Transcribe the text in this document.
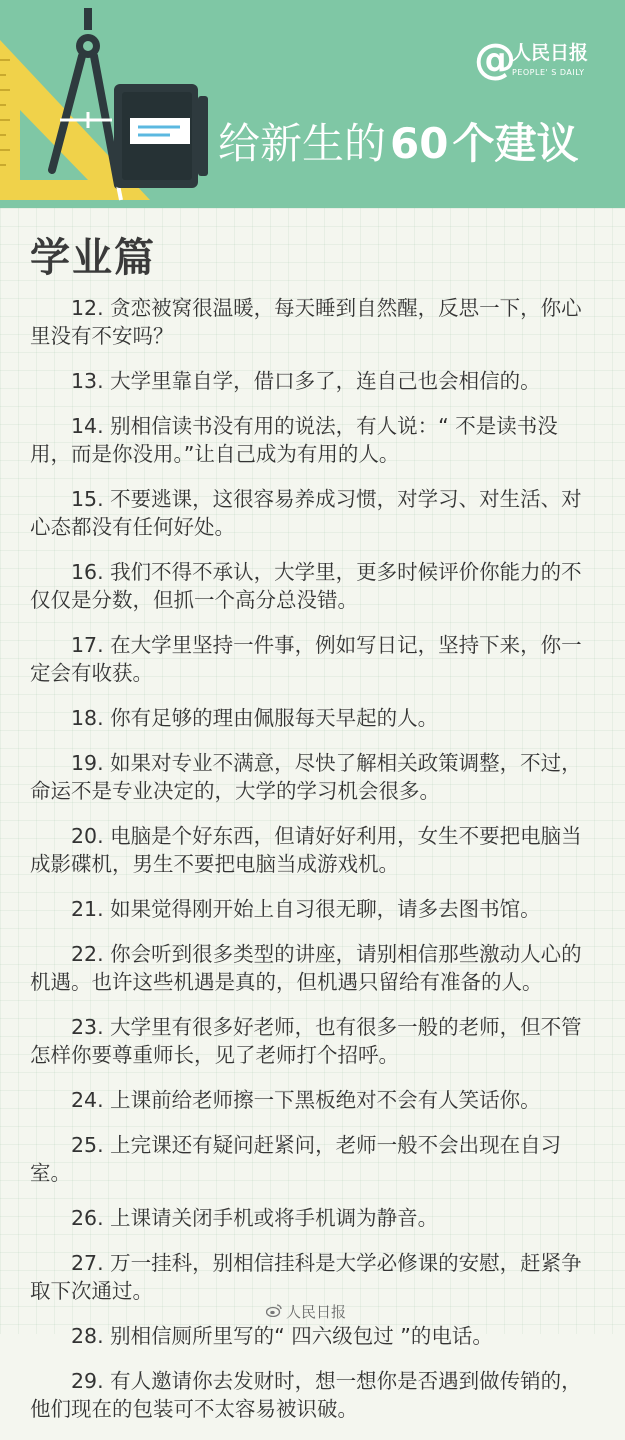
给新生的60个建议
@
人民日报
PEOPLE' S DAILY
学业篇
12. 贪恋被窝很温暖，每天睡到自然醒，反思一下，你心里没有不安吗？
13. 大学里靠自学，借口多了，连自己也会相信的。
14. 别相信读书没有用的说法，有人说：“ 不是读书没用，而是你没用。”让自己成为有用的人。
15. 不要逃课，这很容易养成习惯，对学习、对生活、对心态都没有任何好处。
16. 我们不得不承认，大学里，更多时候评价你能力的不仅仅是分数，但抓一个高分总没错。
17. 在大学里坚持一件事，例如写日记，坚持下来，你一定会有收获。
18. 你有足够的理由佩服每天早起的人。
19. 如果对专业不满意，尽快了解相关政策调整，不过，命运不是专业决定的，大学的学习机会很多。
20. 电脑是个好东西，但请好好利用，女生不要把电脑当成影碟机，男生不要把电脑当成游戏机。
21. 如果觉得刚开始上自习很无聊，请多去图书馆。
22. 你会听到很多类型的讲座，请别相信那些激动人心的机遇。也许这些机遇是真的，但机遇只留给有准备的人。
23. 大学里有很多好老师，也有很多一般的老师，但不管怎样你要尊重师长，见了老师打个招呼。
24. 上课前给老师擦一下黑板绝对不会有人笑话你。
25. 上完课还有疑问赶紧问，老师一般不会出现在自习室。
26. 上课请关闭手机或将手机调为静音。
27. 万一挂科，别相信挂科是大学必修课的安慰，赶紧争取下次通过。
28. 别相信厕所里写的“ 四六级包过 ”的电话。
29. 有人邀请你去发财时，想一想你是否遇到做传销的，他们现在的包装可不太容易被识破。
人民日报
